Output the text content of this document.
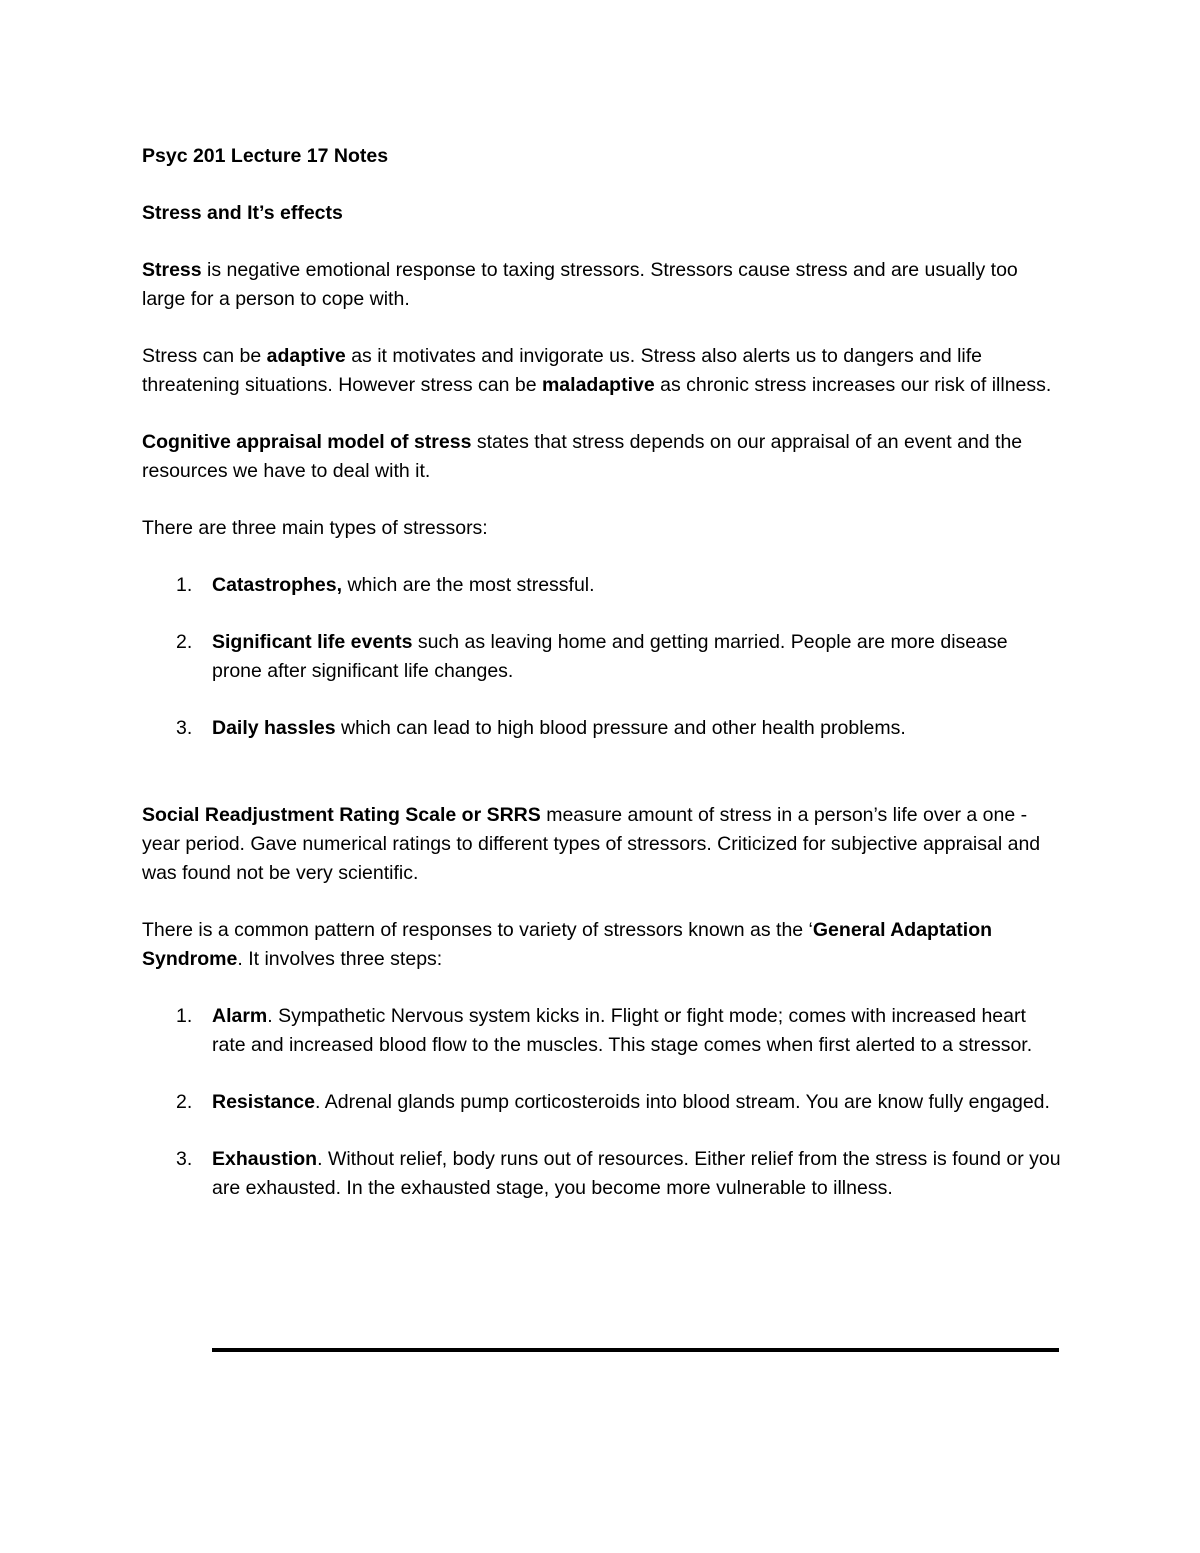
Psyc 201 Lecture 17 Notes

Stress and It’s effects

Stress is negative emotional response to taxing stressors. Stressors cause stress and are usually too large for a person to cope with.

Stress can be adaptive as it motivates and invigorate us. Stress also alerts us to dangers and life threatening situations. However stress can be maladaptive as chronic stress increases our risk of illness.

Cognitive appraisal model of stress states that stress depends on our appraisal of an event and the resources we have to deal with it.

There are three main types of stressors:

1. Catastrophes, which are the most stressful.
2. Significant life events such as leaving home and getting married. People are more disease prone after significant life changes.
3. Daily hassles which can lead to high blood pressure and other health problems.

Social Readjustment Rating Scale or SRRS measure amount of stress in a person’s life over a one -year period. Gave numerical ratings to different types of stressors. Criticized for subjective appraisal and was found not be very scientific.

There is a common pattern of responses to variety of stressors known as the ‘General Adaptation Syndrome. It involves three steps:

1. Alarm. Sympathetic Nervous system kicks in. Flight or fight mode; comes with increased heart rate and increased blood flow to the muscles. This stage comes when first alerted to a stressor.
2. Resistance. Adrenal glands pump corticosteroids into blood stream. You are know fully engaged.
3. Exhaustion. Without relief, body runs out of resources. Either relief from the stress is found or you are exhausted. In the exhausted stage, you become more vulnerable to illness.
